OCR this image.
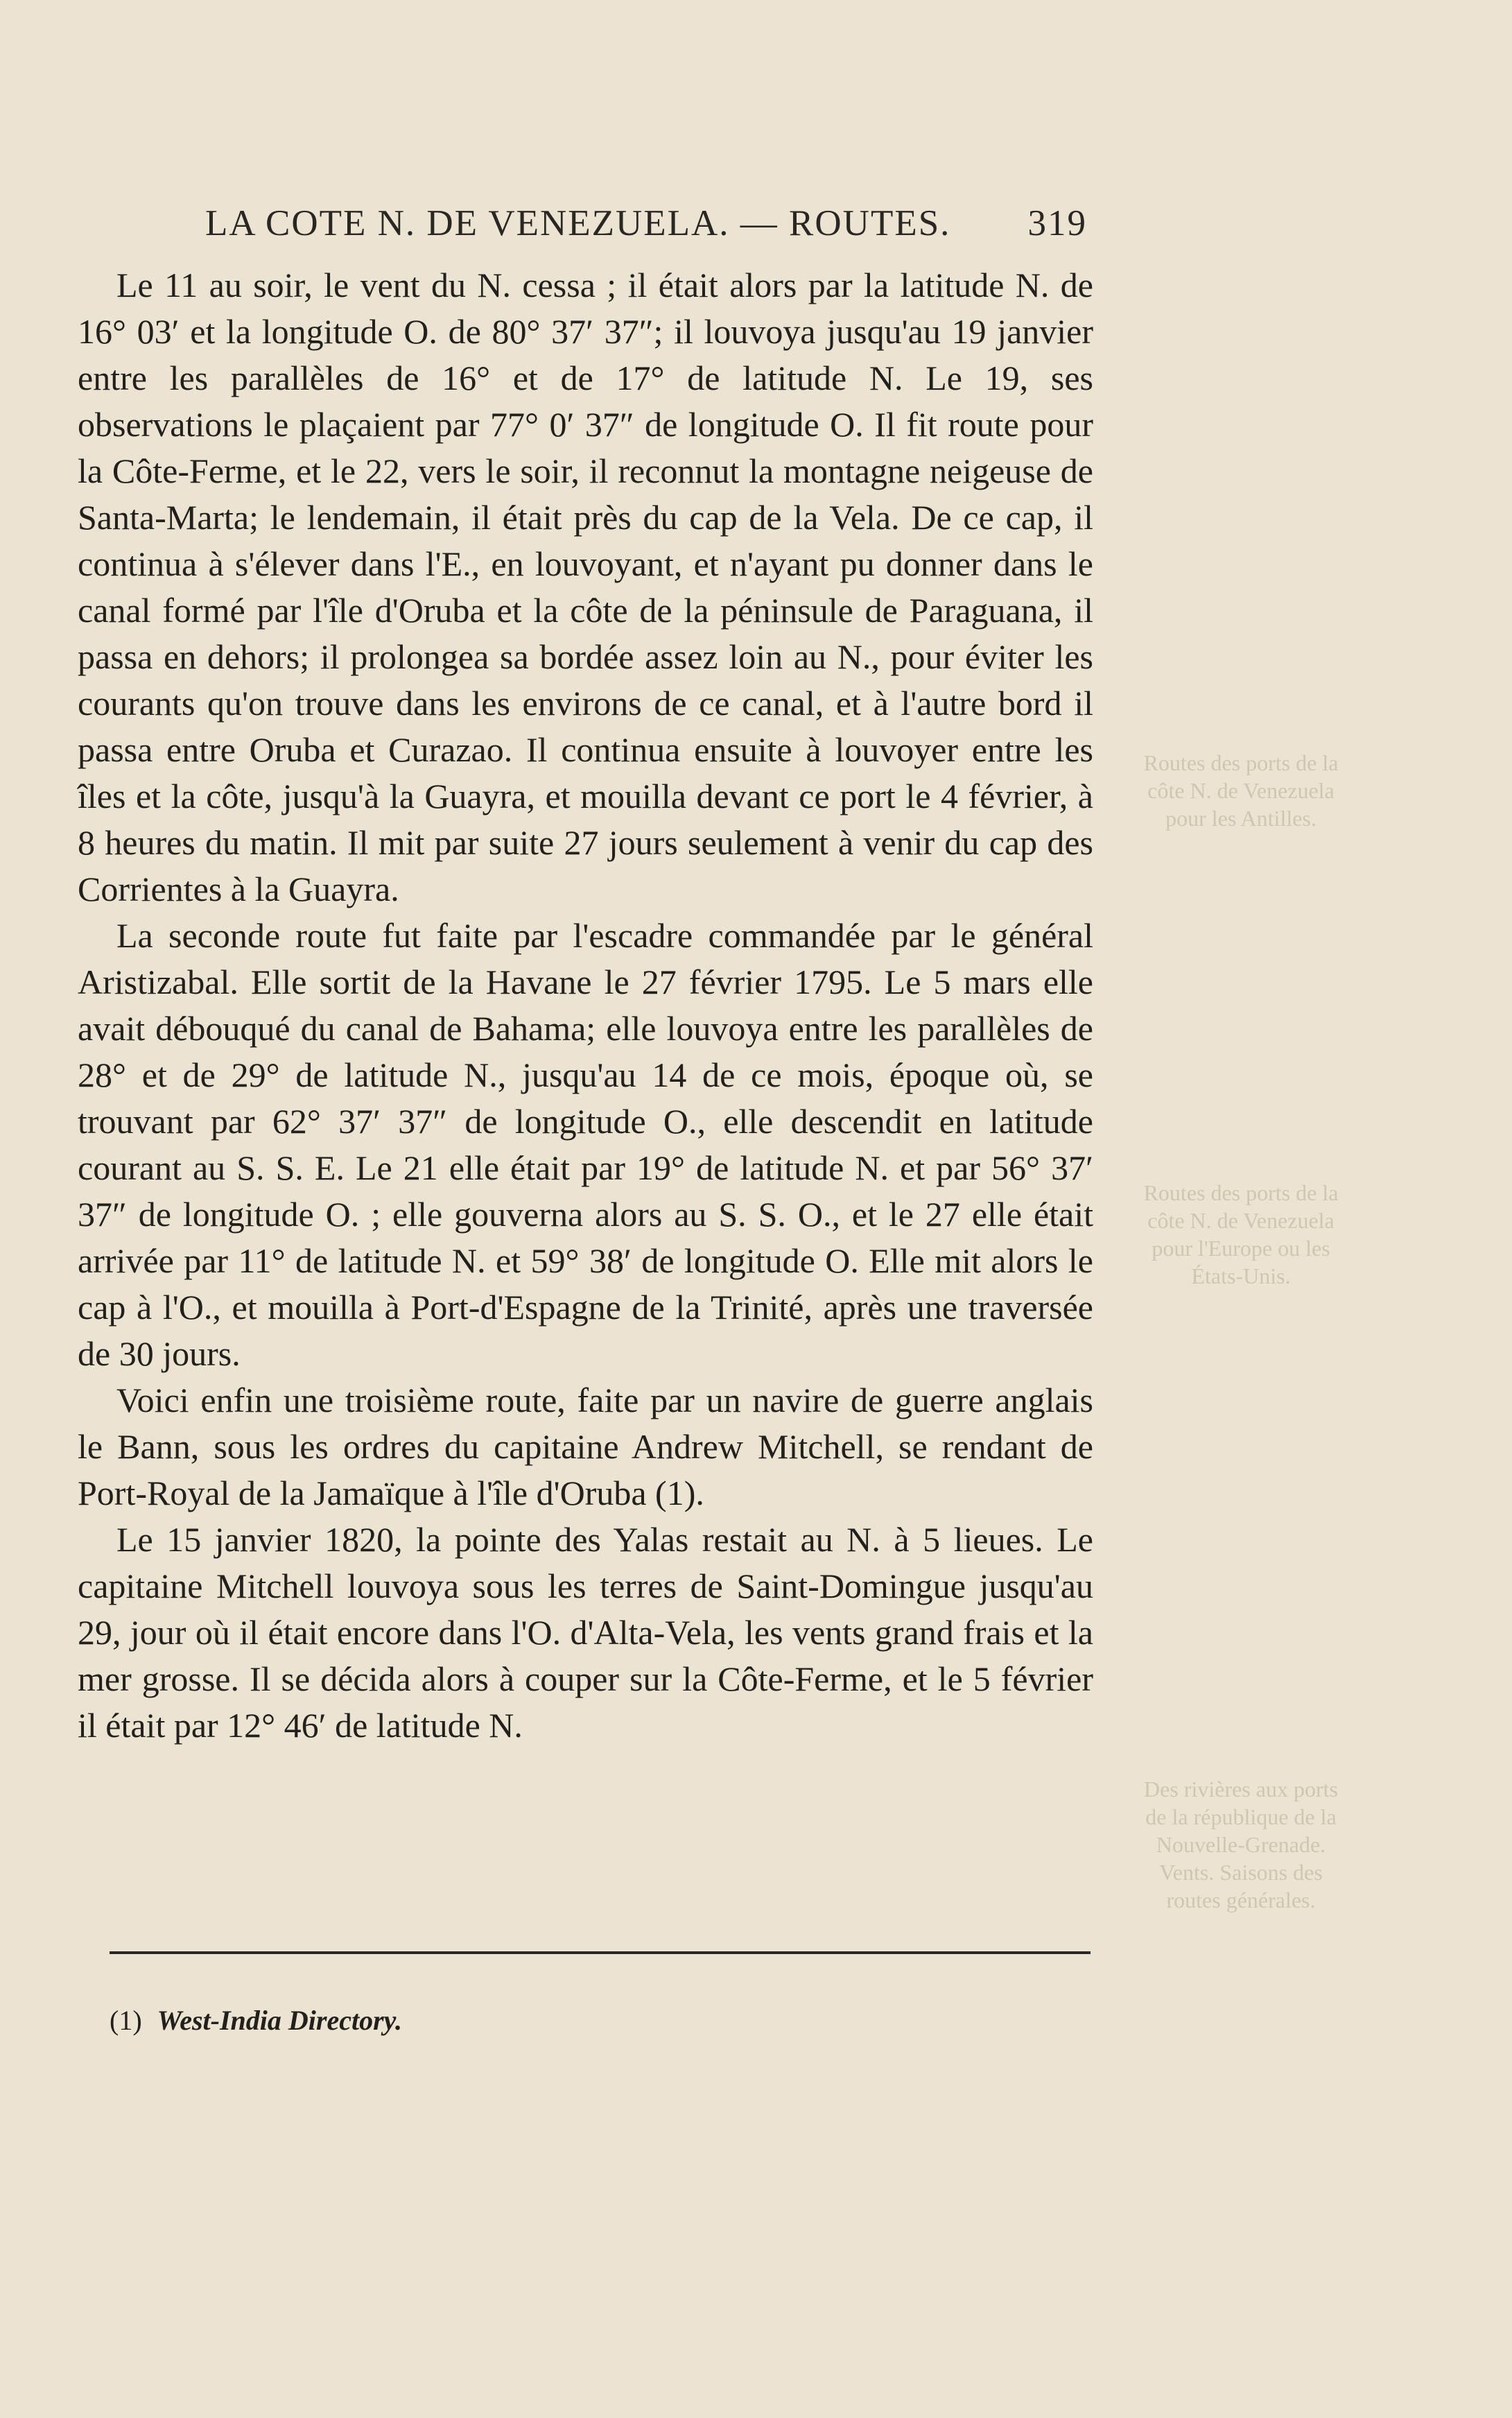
Routes des ports de la côte N. de Venezuela pour les Antilles.
Routes des ports de la côte N. de Venezuela pour l'Europe ou les États-Unis.
Des rivières aux ports de la république de la Nouvelle-Grenade. Vents. Saisons des routes générales.
LA COTE N. DE VENEZUELA. — ROUTES. 319

Le 11 au soir, le vent du N. cessa ; il était alors par la latitude N. de 16° 03′ et la longitude O. de 80° 37′ 37″; il louvoya jusqu'au 19 janvier entre les parallèles de 16° et de 17° de latitude N. Le 19, ses observations le plaçaient par 77° 0′ 37″ de longitude O. Il fit route pour la Côte-Ferme, et le 22, vers le soir, il reconnut la montagne neigeuse de Santa-Marta; le lendemain, il était près du cap de la Vela. De ce cap, il continua à s'élever dans l'E., en louvoyant, et n'ayant pu donner dans le canal formé par l'île d'Oruba et la côte de la péninsule de Paraguana, il passa en dehors; il prolongea sa bordée assez loin au N., pour éviter les courants qu'on trouve dans les environs de ce canal, et à l'autre bord il passa entre Oruba et Curazao. Il continua ensuite à louvoyer entre les îles et la côte, jusqu'à la Guayra, et mouilla devant ce port le 4 février, à 8 heures du matin. Il mit par suite 27 jours seulement à venir du cap des Corrientes à la Guayra.

La seconde route fut faite par l'escadre commandée par le général Aristizabal. Elle sortit de la Havane le 27 février 1795. Le 5 mars elle avait débouqué du canal de Bahama; elle louvoya entre les parallèles de 28° et de 29° de latitude N., jusqu'au 14 de ce mois, époque où, se trouvant par 62° 37′ 37″ de longitude O., elle descendit en latitude courant au S. S. E. Le 21 elle était par 19° de latitude N. et par 56° 37′ 37″ de longitude O. ; elle gouverna alors au S. S. O., et le 27 elle était arrivée par 11° de latitude N. et 59° 38′ de longitude O. Elle mit alors le cap à l'O., et mouilla à Port-d'Espagne de la Trinité, après une traversée de 30 jours.

Voici enfin une troisième route, faite par un navire de guerre anglais le Bann, sous les ordres du capitaine Andrew Mitchell, se rendant de Port-Royal de la Jamaïque à l'île d'Oruba (1).

Le 15 janvier 1820, la pointe des Yalas restait au N. à 5 lieues. Le capitaine Mitchell louvoya sous les terres de Saint-Domingue jusqu'au 29, jour où il était encore dans l'O. d'Alta-Vela, les vents grand frais et la mer grosse. Il se décida alors à couper sur la Côte-Ferme, et le 5 février il était par 12° 46′ de latitude N.

(1) West-India Directory.
